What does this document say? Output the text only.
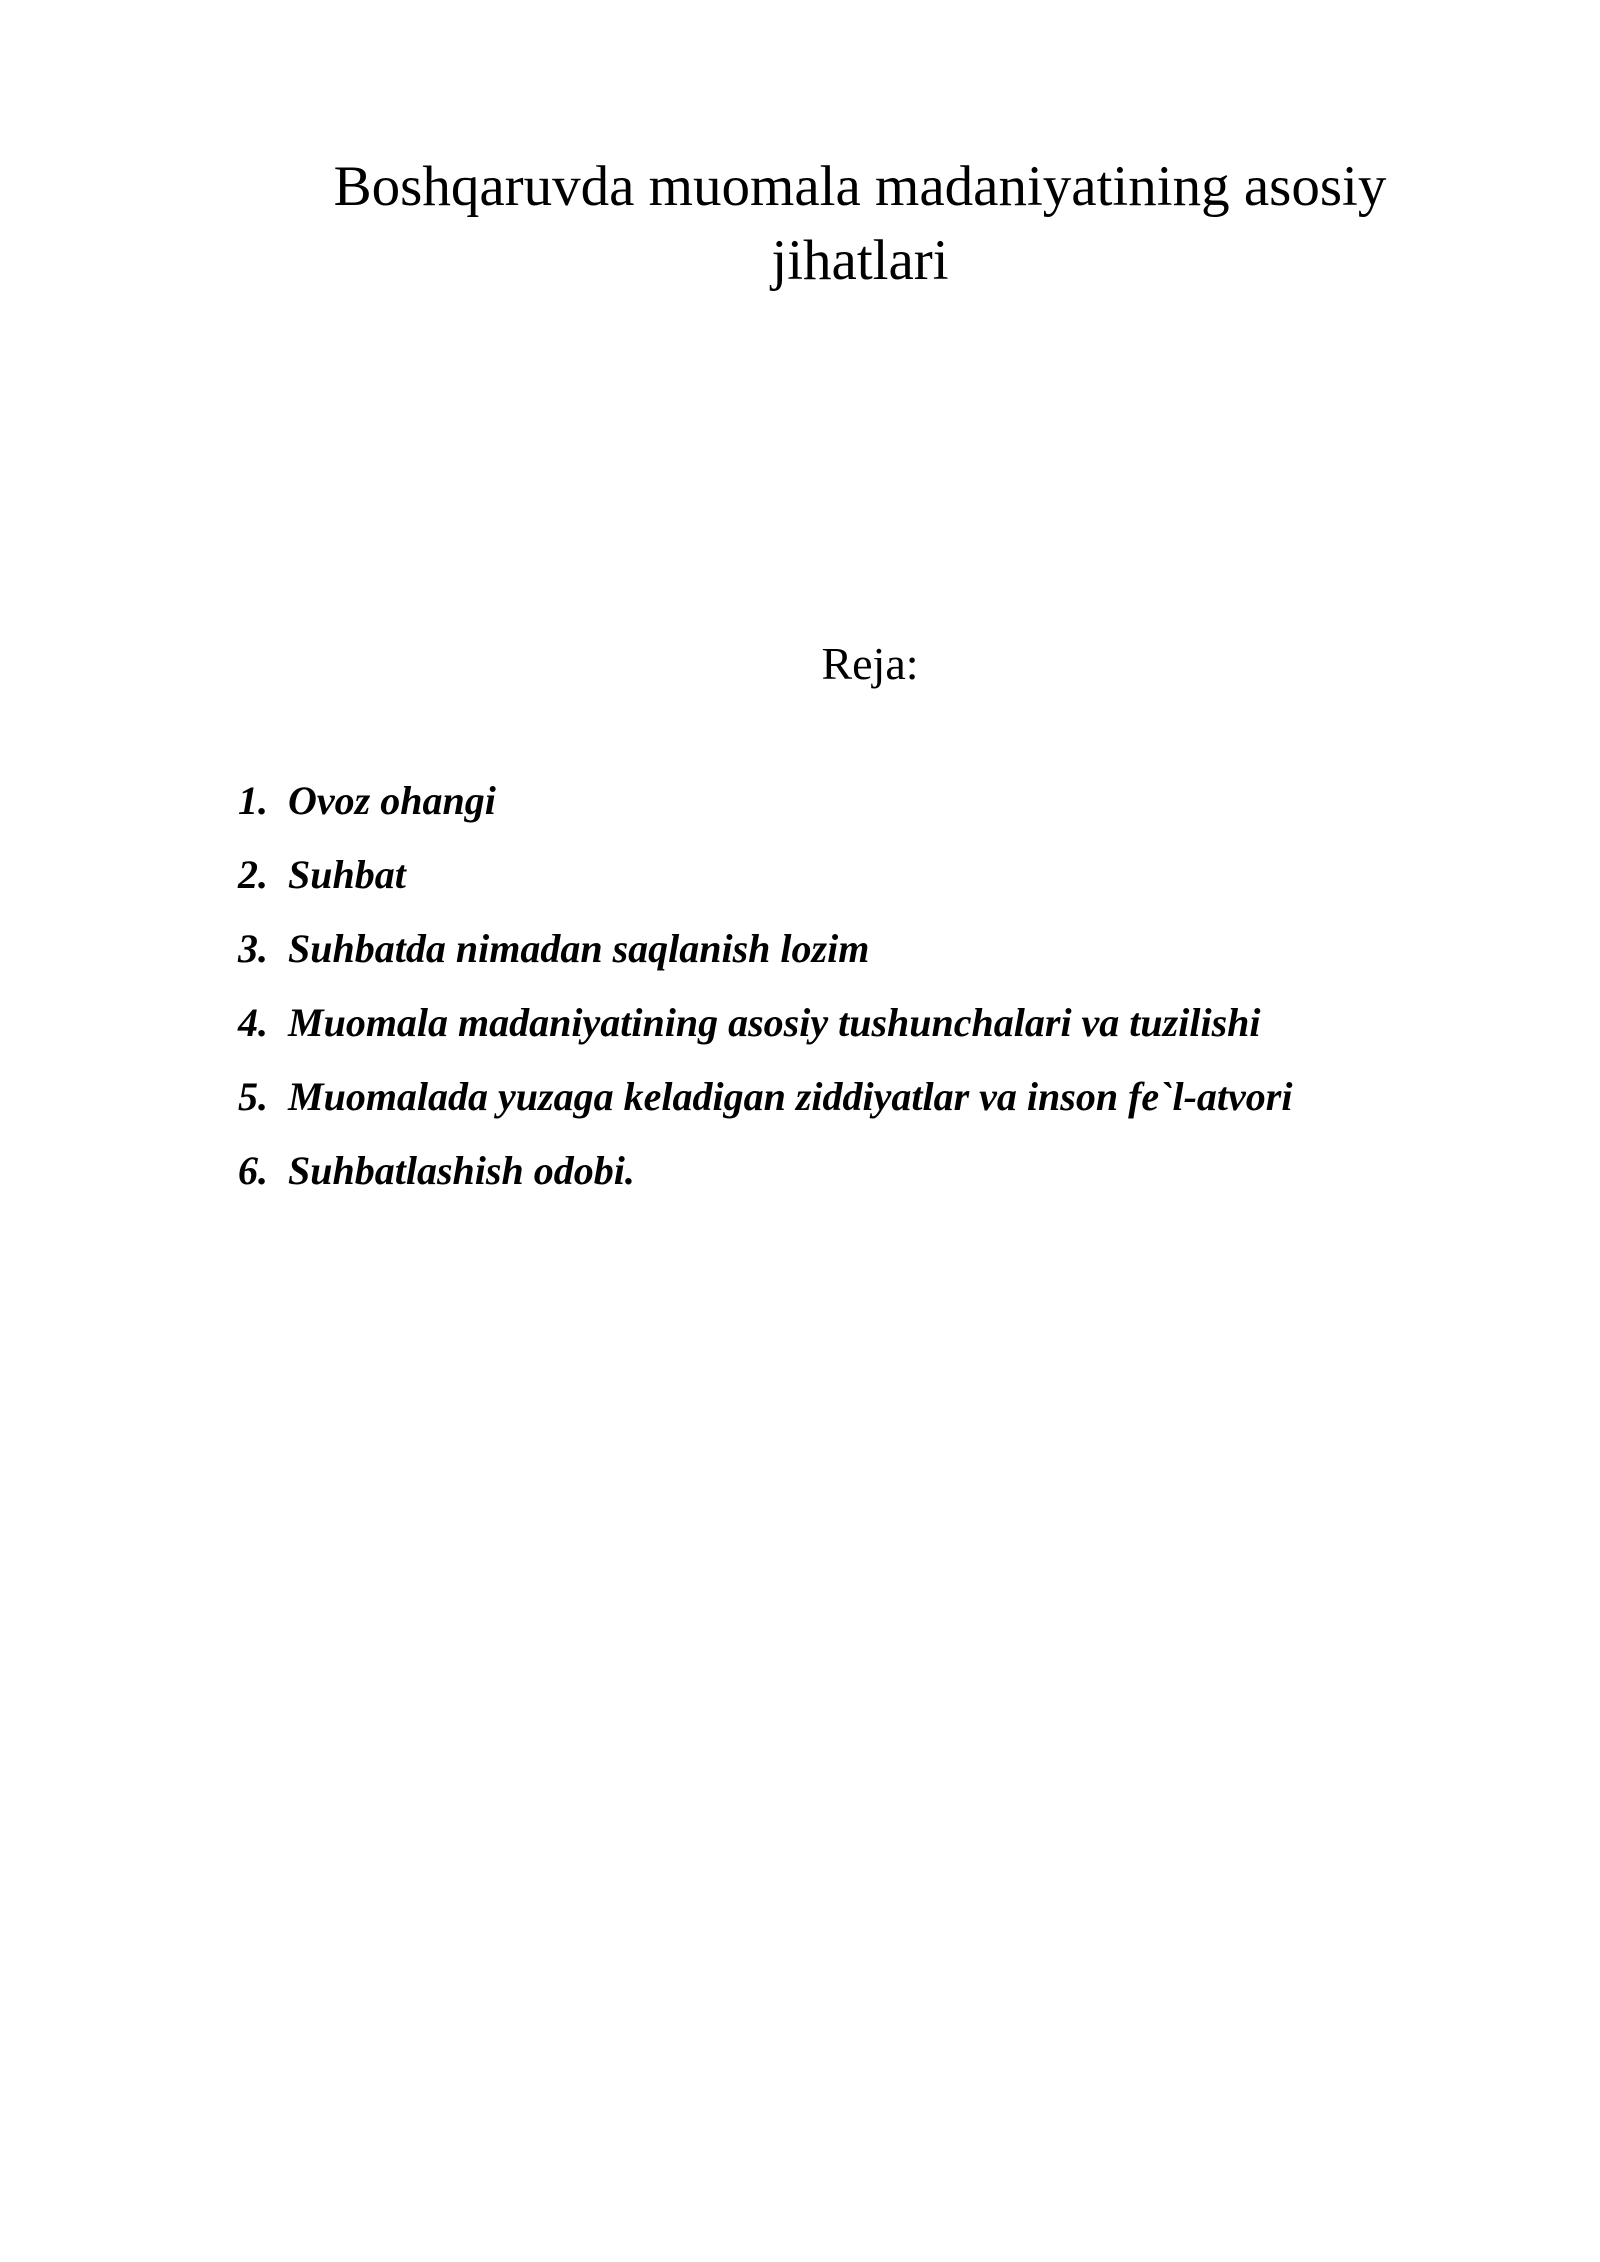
Boshqaruvda muomala madaniyatining asosiy jihatlari
Reja:
1. Ovoz ohangi
2. Suhbat
3. Suhbatda nimadan saqlanish lozim
4. Muomala madaniyatining asosiy tushunchalari va tuzilishi
5. Muomalada yuzaga keladigan ziddiyatlar va inson fe`l-atvori
6. Suhbatlashish odobi.
